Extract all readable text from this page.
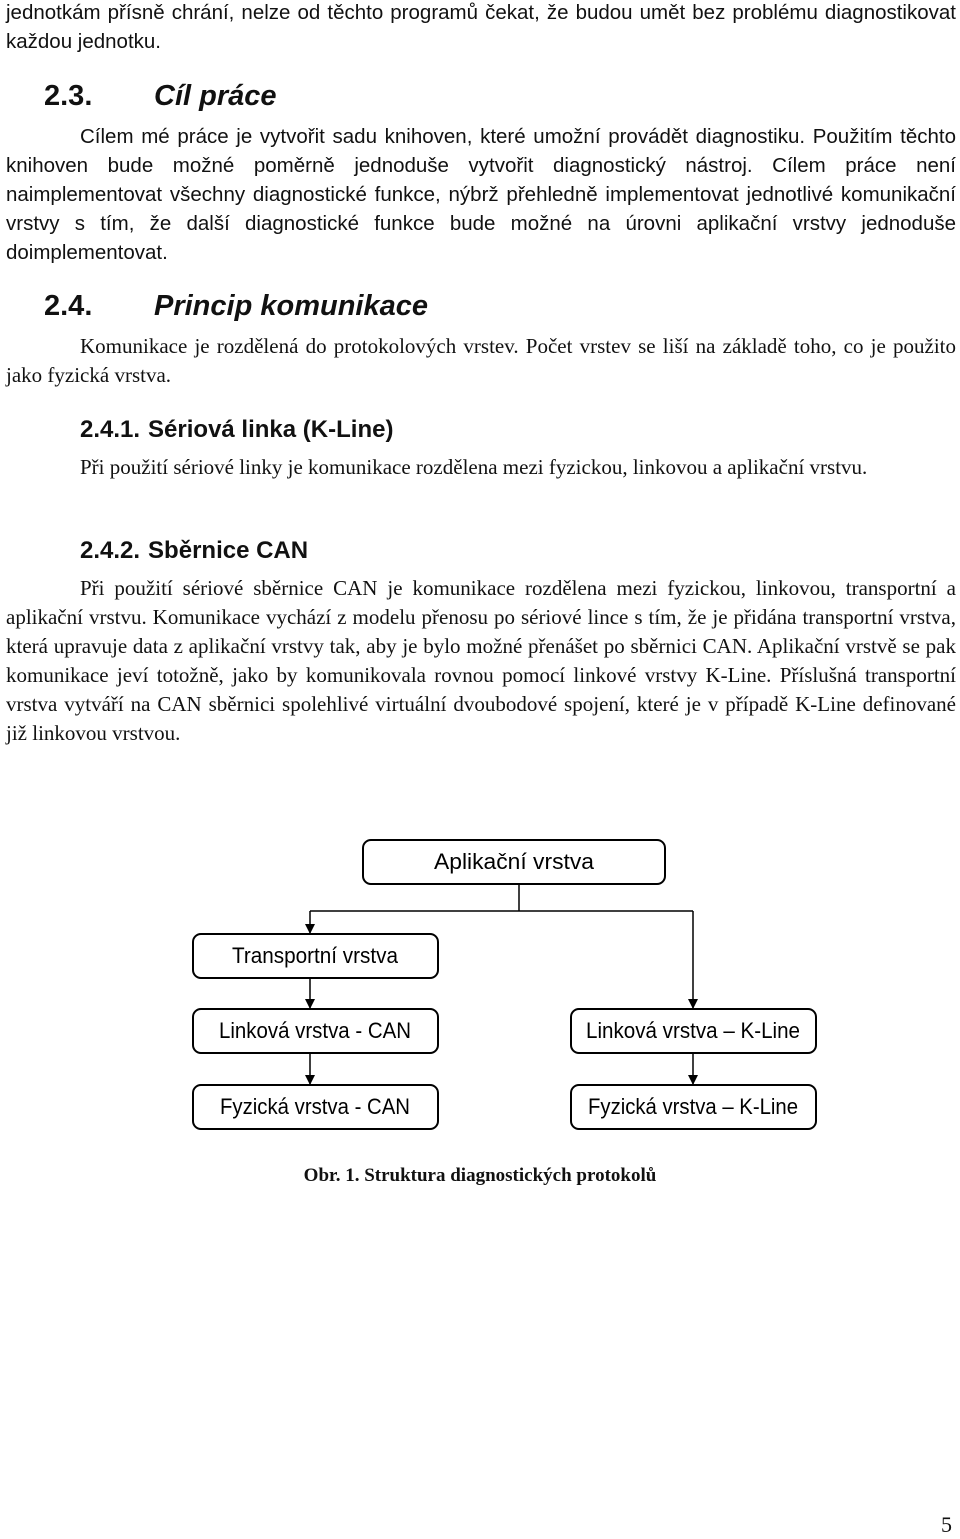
jednotkám přísně chrání, nelze od těchto programů čekat, že budou umět bez problému diagnostikovat každou jednotku.

2.3. Cíl práce

Cílem mé práce je vytvořit sadu knihoven, které umožní provádět diagnostiku. Použitím těchto knihoven bude možné poměrně jednoduše vytvořit diagnostický nástroj. Cílem práce není naimplementovat všechny diagnostické funkce, nýbrž přehledně implementovat jednotlivé komunikační vrstvy s tím, že další diagnostické funkce bude možné na úrovni aplikační vrstvy jednoduše doimplementovat.

2.4. Princip komunikace

Komunikace je rozdělená do protokolových vrstev. Počet vrstev se liší na základě toho, co je použito jako fyzická vrstva.

2.4.1. Sériová linka (K-Line)

Při použití sériové linky je komunikace rozdělena mezi fyzickou, linkovou a aplikační vrstvu.

2.4.2. Sběrnice CAN

Při použití sériové sběrnice CAN je komunikace rozdělena mezi fyzickou, linkovou, transportní a aplikační vrstvu. Komunikace vychází z modelu přenosu po sériové lince s tím, že je přidána transportní vrstva, která upravuje data z aplikační vrstvy tak, aby je bylo možné přenášet po sběrnici CAN. Aplikační vrstvě se pak komunikace jeví totožně, jako by komunikovala rovnou pomocí linkové vrstvy K-Line. Příslušná transportní vrstva vytváří na CAN sběrnici spolehlivé virtuální dvoubodové spojení, které je v případě K-Line definované již linkovou vrstvou.

Aplikační vrstva
Transportní vrstva
Linková vrstva - CAN
Fyzická vrstva - CAN
Linková vrstva – K-Line
Fyzická vrstva – K-Line

Obr. 1. Struktura diagnostických protokolů

5
